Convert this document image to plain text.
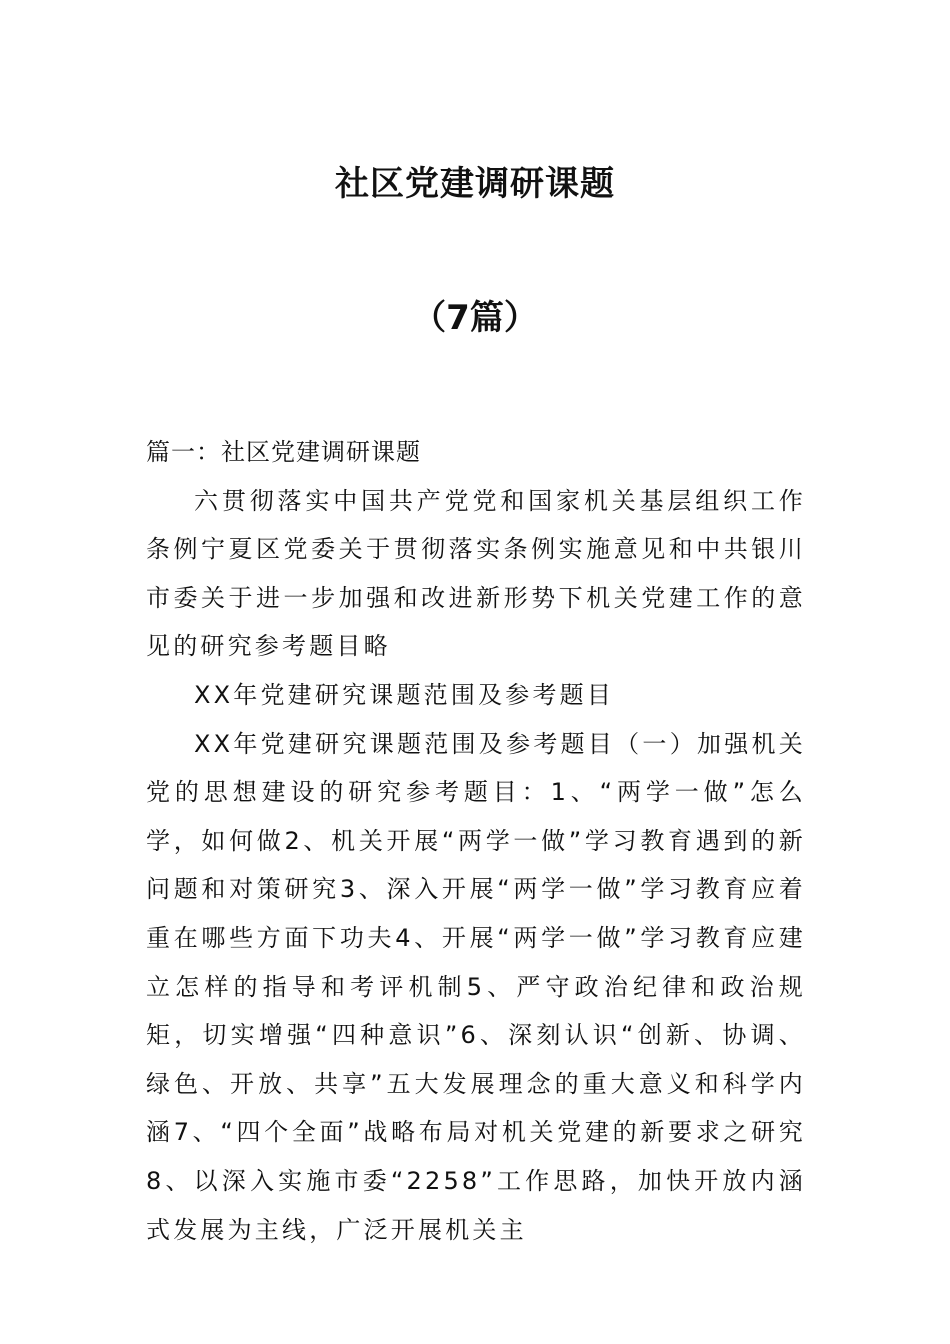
社区党建调研课题
（7篇）

篇一：社区党建调研课题

六贯彻落实中国共产党党和国家机关基层组织工作条例宁夏区党委关于贯彻落实条例实施意见和中共银川市委关于进一步加强和改进新形势下机关党建工作的意见的研究参考题目略

XX年党建研究课题范围及参考题目

XX年党建研究课题范围及参考题目（一）加强机关党的思想建设的研究参考题目：1、“两学一做”怎么学，如何做2、机关开展“两学一做”学习教育遇到的新问题和对策研究3、深入开展“两学一做”学习教育应着重在哪些方面下功夫4、开展“两学一做”学习教育应建立怎样的指导和考评机制5、严守政治纪律和政治规矩，切实增强“四种意识”6、深刻认识“创新、协调、绿色、开放、共享”五大发展理念的重大意义和科学内涵7、“四个全面”战略布局对机关党建的新要求之研究8、以深入实施市委“2258”工作思路，加快开放内涵式发展为主线，广泛开展机关主
